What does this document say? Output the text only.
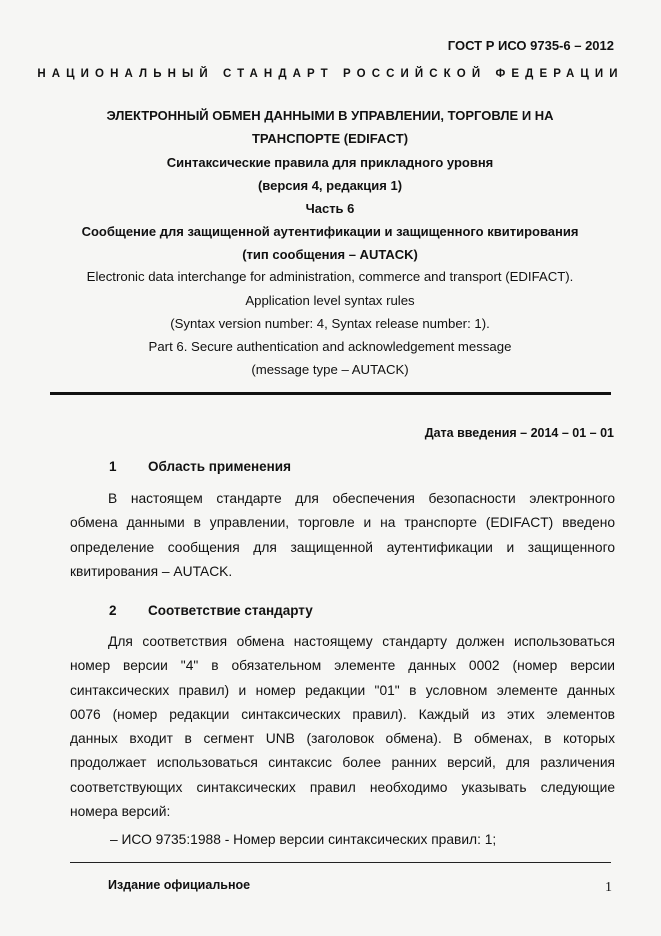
ГОСТ Р ИСО 9735-6 – 2012
НАЦИОНАЛЬНЫЙ СТАНДАРТ РОССИЙСКОЙ ФЕДЕРАЦИИ
ЭЛЕКТРОННЫЙ ОБМЕН ДАННЫМИ В УПРАВЛЕНИИ, ТОРГОВЛЕ И НА
ТРАНСПОРТЕ (EDIFACT)
Синтаксические правила для прикладного уровня
(версия 4, редакция 1)
Часть 6
Сообщение для защищенной аутентификации и защищенного квитирования
(тип сообщения – AUTACK)
Electronic data interchange for administration, commerce and transport (EDIFACT).
Application level syntax rules
(Syntax version number: 4, Syntax release number: 1).
Part 6. Secure authentication and acknowledgement message
(message type – AUTACK)
Дата введения – 2014 – 01 – 01
1 Область применения
В настоящем стандарте для обеспечения безопасности электронного
обмена данными в управлении, торговле и на транспорте (EDIFACT) введено
определение сообщения для защищенной аутентификации и защищенного
квитирования – AUTACK.
2 Соответствие стандарту
Для соответствия обмена настоящему стандарту должен использоваться
номер версии "4" в обязательном элементе данных 0002 (номер версии
синтаксических правил) и номер редакции "01" в условном элементе данных
0076 (номер редакции синтаксических правил). Каждый из этих элементов
данных входит в сегмент UNB (заголовок обмена). В обменах, в которых
продолжает использоваться синтаксис более ранних версий, для различения
соответствующих синтаксических правил необходимо указывать следующие
номера версий:
– ИСО 9735:1988 - Номер версии синтаксических правил: 1;
Издание официальное	1
